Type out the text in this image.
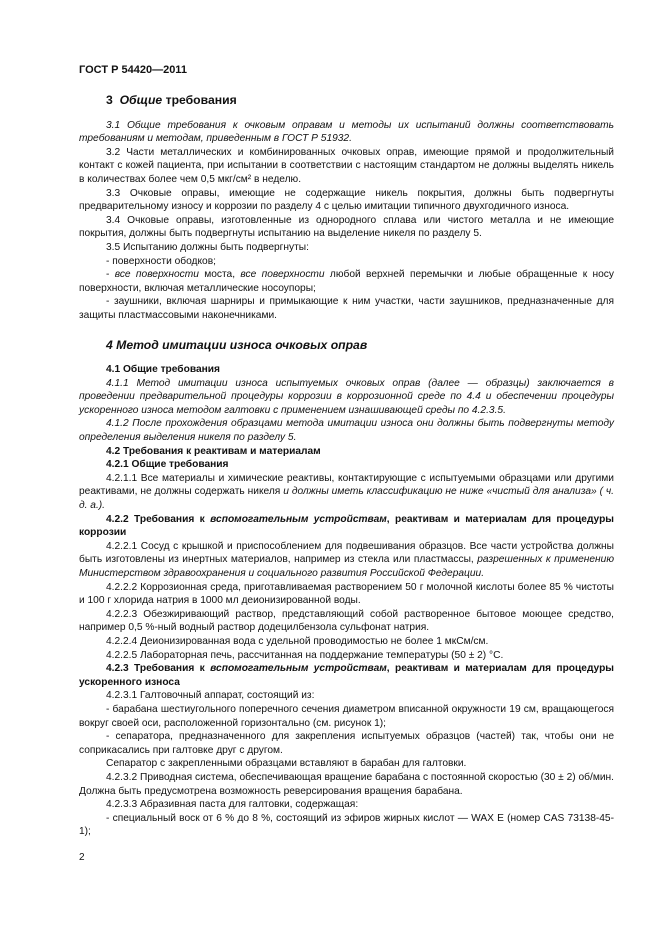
ГОСТ Р 54420—2011

3 Общие требования

3.1 Общие требования к очковым оправам и методы их испытаний должны соответствовать требованиям и методам, приведенным в ГОСТ Р 51932.

3.2 Части металлических и комбинированных очковых оправ, имеющие прямой и продолжительный контакт с кожей пациента, при испытании в соответствии с настоящим стандартом не должны выделять никель в количествах более чем 0,5 мкг/см² в неделю.

3.3 Очковые оправы, имеющие не содержащие никель покрытия, должны быть подвергнуты предварительному износу и коррозии по разделу 4 с целью имитации типичного двухгодичного износа.

3.4 Очковые оправы, изготовленные из однородного сплава или чистого металла и не имеющие покрытия, должны быть подвергнуты испытанию на выделение никеля по разделу 5.

3.5 Испытанию должны быть подвергнуты:

- поверхности ободков;

- все поверхности моста, все поверхности любой верхней перемычки и любые обращенные к носу поверхности, включая металлические носоупоры;

- заушники, включая шарниры и примыкающие к ним участки, части заушников, предназначенные для защиты пластмассовыми наконечниками.

4 Метод имитации износа очковых оправ

4.1 Общие требования

4.1.1 Метод имитации износа испытуемых очковых оправ (далее — образцы) заключается в проведении предварительной процедуры коррозии в коррозионной среде по 4.4 и обеспечении процедуры ускоренного износа методом галтовки с применением изнашивающей среды по 4.2.3.5.

4.1.2 После прохождения образцами метода имитации износа они должны быть подвергнуты методу определения выделения никеля по разделу 5.

4.2 Требования к реактивам и материалам

4.2.1 Общие требования

4.2.1.1 Все материалы и химические реактивы, контактирующие с испытуемыми образцами или другими реактивами, не должны содержать никеля и должны иметь классификацию не ниже «чистый для анализа» ( ч. д. а.).

4.2.2 Требования к вспомогательным устройствам, реактивам и материалам для процедуры коррозии

4.2.2.1 Сосуд с крышкой и приспособлением для подвешивания образцов. Все части устройства должны быть изготовлены из инертных материалов, например из стекла или пластмассы, разрешенных к применению Министерством здравоохранения и социального развития Российской Федерации.

4.2.2.2 Коррозионная среда, приготавливаемая растворением 50 г молочной кислоты более 85 % чистоты и 100 г хлорида натрия в 1000 мл деионизированной воды.

4.2.2.3 Обезжиривающий раствор, представляющий собой растворенное бытовое моющее средство, например 0,5 %-ный водный раствор додецилбензола сульфонат натрия.

4.2.2.4 Деионизированная вода с удельной проводимостью не более 1 мкСм/см.

4.2.2.5 Лабораторная печь, рассчитанная на поддержание температуры (50 ± 2) °С.

4.2.3 Требования к вспомогательным устройствам, реактивам и материалам для процедуры ускоренного износа

4.2.3.1 Галтовочный аппарат, состоящий из:

- барабана шестиугольного поперечного сечения диаметром вписанной окружности 19 см, вращающегося вокруг своей оси, расположенной горизонтально (см. рисунок 1);

- сепаратора, предназначенного для закрепления испытуемых образцов (частей) так, чтобы они не соприкасались при галтовке друг с другом.

Сепаратор с закрепленными образцами вставляют в барабан для галтовки.

4.2.3.2 Приводная система, обеспечивающая вращение барабана с постоянной скоростью (30 ± 2) об/мин. Должна быть предусмотрена возможность реверсирования вращения барабана.

4.2.3.3 Абразивная паста для галтовки, содержащая:

- специальный воск от 6 % до 8 %, состоящий из эфиров жирных кислот — WAX E (номер CAS 73138-45-1);

2
